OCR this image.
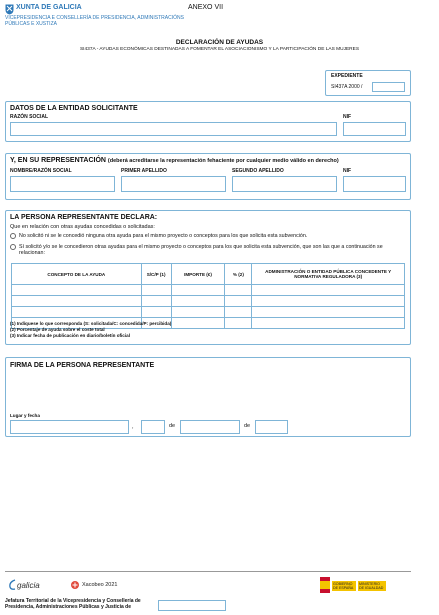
XUNTA DE GALICIA
VICEPRESIDENCIA E CONSELLERÍA DE PRESIDENCIA, ADMINISTRACIÓNS PÚBLICAS E XUSTIZA
ANEXO VII
DECLARACIÓN DE AYUDAS
SI437A - AYUDAS ECONÓMICAS DESTINADAS A FOMENTAR EL ASOCIACIONISMO Y LA PARTICIPACIÓN DE LAS MUJERES
EXPEDIENTE
SI437A 2000 /
DATOS DE LA ENTIDAD SOLICITANTE
RAZÓN SOCIAL	NIF
Y, EN SU REPRESENTACIÓN (deberá acreditarse la representación fehaciente por cualquier medio válido en derecho)
NOMBRE/RAZÓN SOCIAL	PRIMER APELLIDO	SEGUNDO APELLIDO	NIF
LA PERSONA REPRESENTANTE DECLARA:
Que en relación con otras ayudas concedidas o solicitadas:
No solicitó ni se le concedió ninguna otra ayuda para el mismo proyecto o conceptos para los que solicita esta subvención.
Sí solicitó y/o se le concedieron otras ayudas para el mismo proyecto o conceptos para los que solicita esta subvención, que son las que a continuación se relacionan:
CONCEPTO DE LA AYUDA	S/C/P (1)	IMPORTE (€)	% (2)	ADMINISTRACIÓN O ENTIDAD PÚBLICA CONCEDENTE Y NORMATIVA REGULADORA (3)

(1) Indíquese lo que corresponda (S: solicitada/C: concedida/P: percibida)
(2) Porcentaje de ayuda sobre el coste total
(3) Indicar fecha de publicación en diario/boletín oficial
FIRMA DE LA PERSONA REPRESENTANTE
Lugar y fecha
,	de	de
galicia	Xacobeo 2021	GOBIERNO DE ESPAÑA
MINISTERIO DE IGUALDAD
Jefatura Territorial de la Vicepresidencia y Consellería de Presidencia, Administraciones Públicas y Justicia de
